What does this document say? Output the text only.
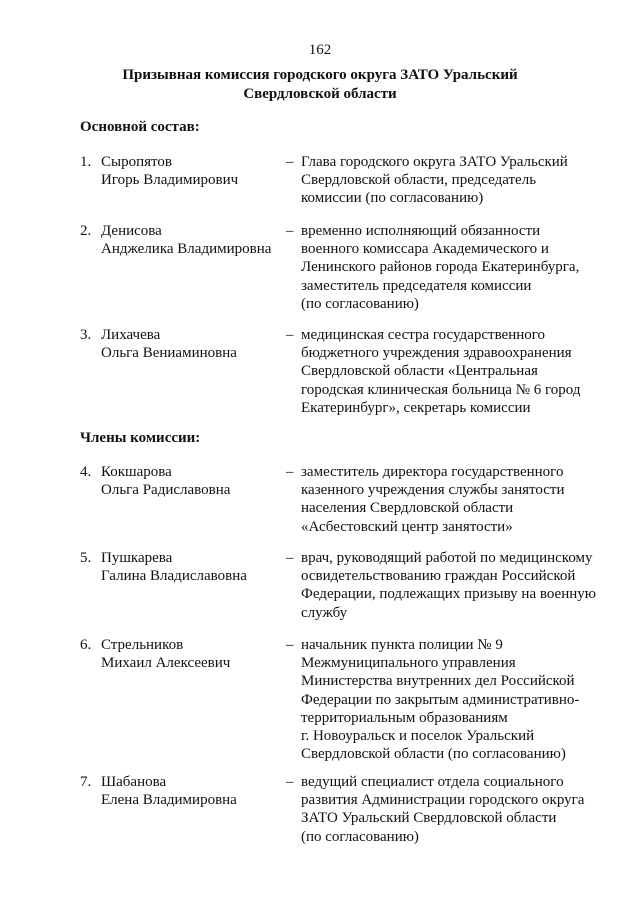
162
Призывная комиссия городского округа ЗАТО Уральский
Свердловской области
Основной состав:
Члены комиссии:
1. Сыропятов
Игорь Владимирович
– Глава городского округа ЗАТО Уральский
Свердловской области, председатель
комиссии (по согласованию)
2. Денисова
Анджелика Владимировна
– временно исполняющий обязанности
военного комиссара Академического и
Ленинского районов города Екатеринбурга,
заместитель председателя комиссии
(по согласованию)
3. Лихачева
Ольга Вениаминовна
– медицинская сестра государственного
бюджетного учреждения здравоохранения
Свердловской области «Центральная
городская клиническая больница № 6 город
Екатеринбург», секретарь комиссии
4. Кокшарова
Ольга Радиславовна
– заместитель директора государственного
казенного учреждения службы занятости
населения Свердловской области
«Асбестовский центр занятости»
5. Пушкарева
Галина Владиславовна
– врач, руководящий работой по медицинскому
освидетельствованию граждан Российской
Федерации, подлежащих призыву на военную
службу
6. Стрельников
Михаил Алексеевич
– начальник пункта полиции № 9
Межмуниципального управления
Министерства внутренних дел Российской
Федерации по закрытым административно-
территориальным образованиям
г. Новоуральск и поселок Уральский
Свердловской области (по согласованию)
7. Шабанова
Елена Владимировна
– ведущий специалист отдела социального
развития Администрации городского округа
ЗАТО Уральский Свердловской области
(по согласованию)
